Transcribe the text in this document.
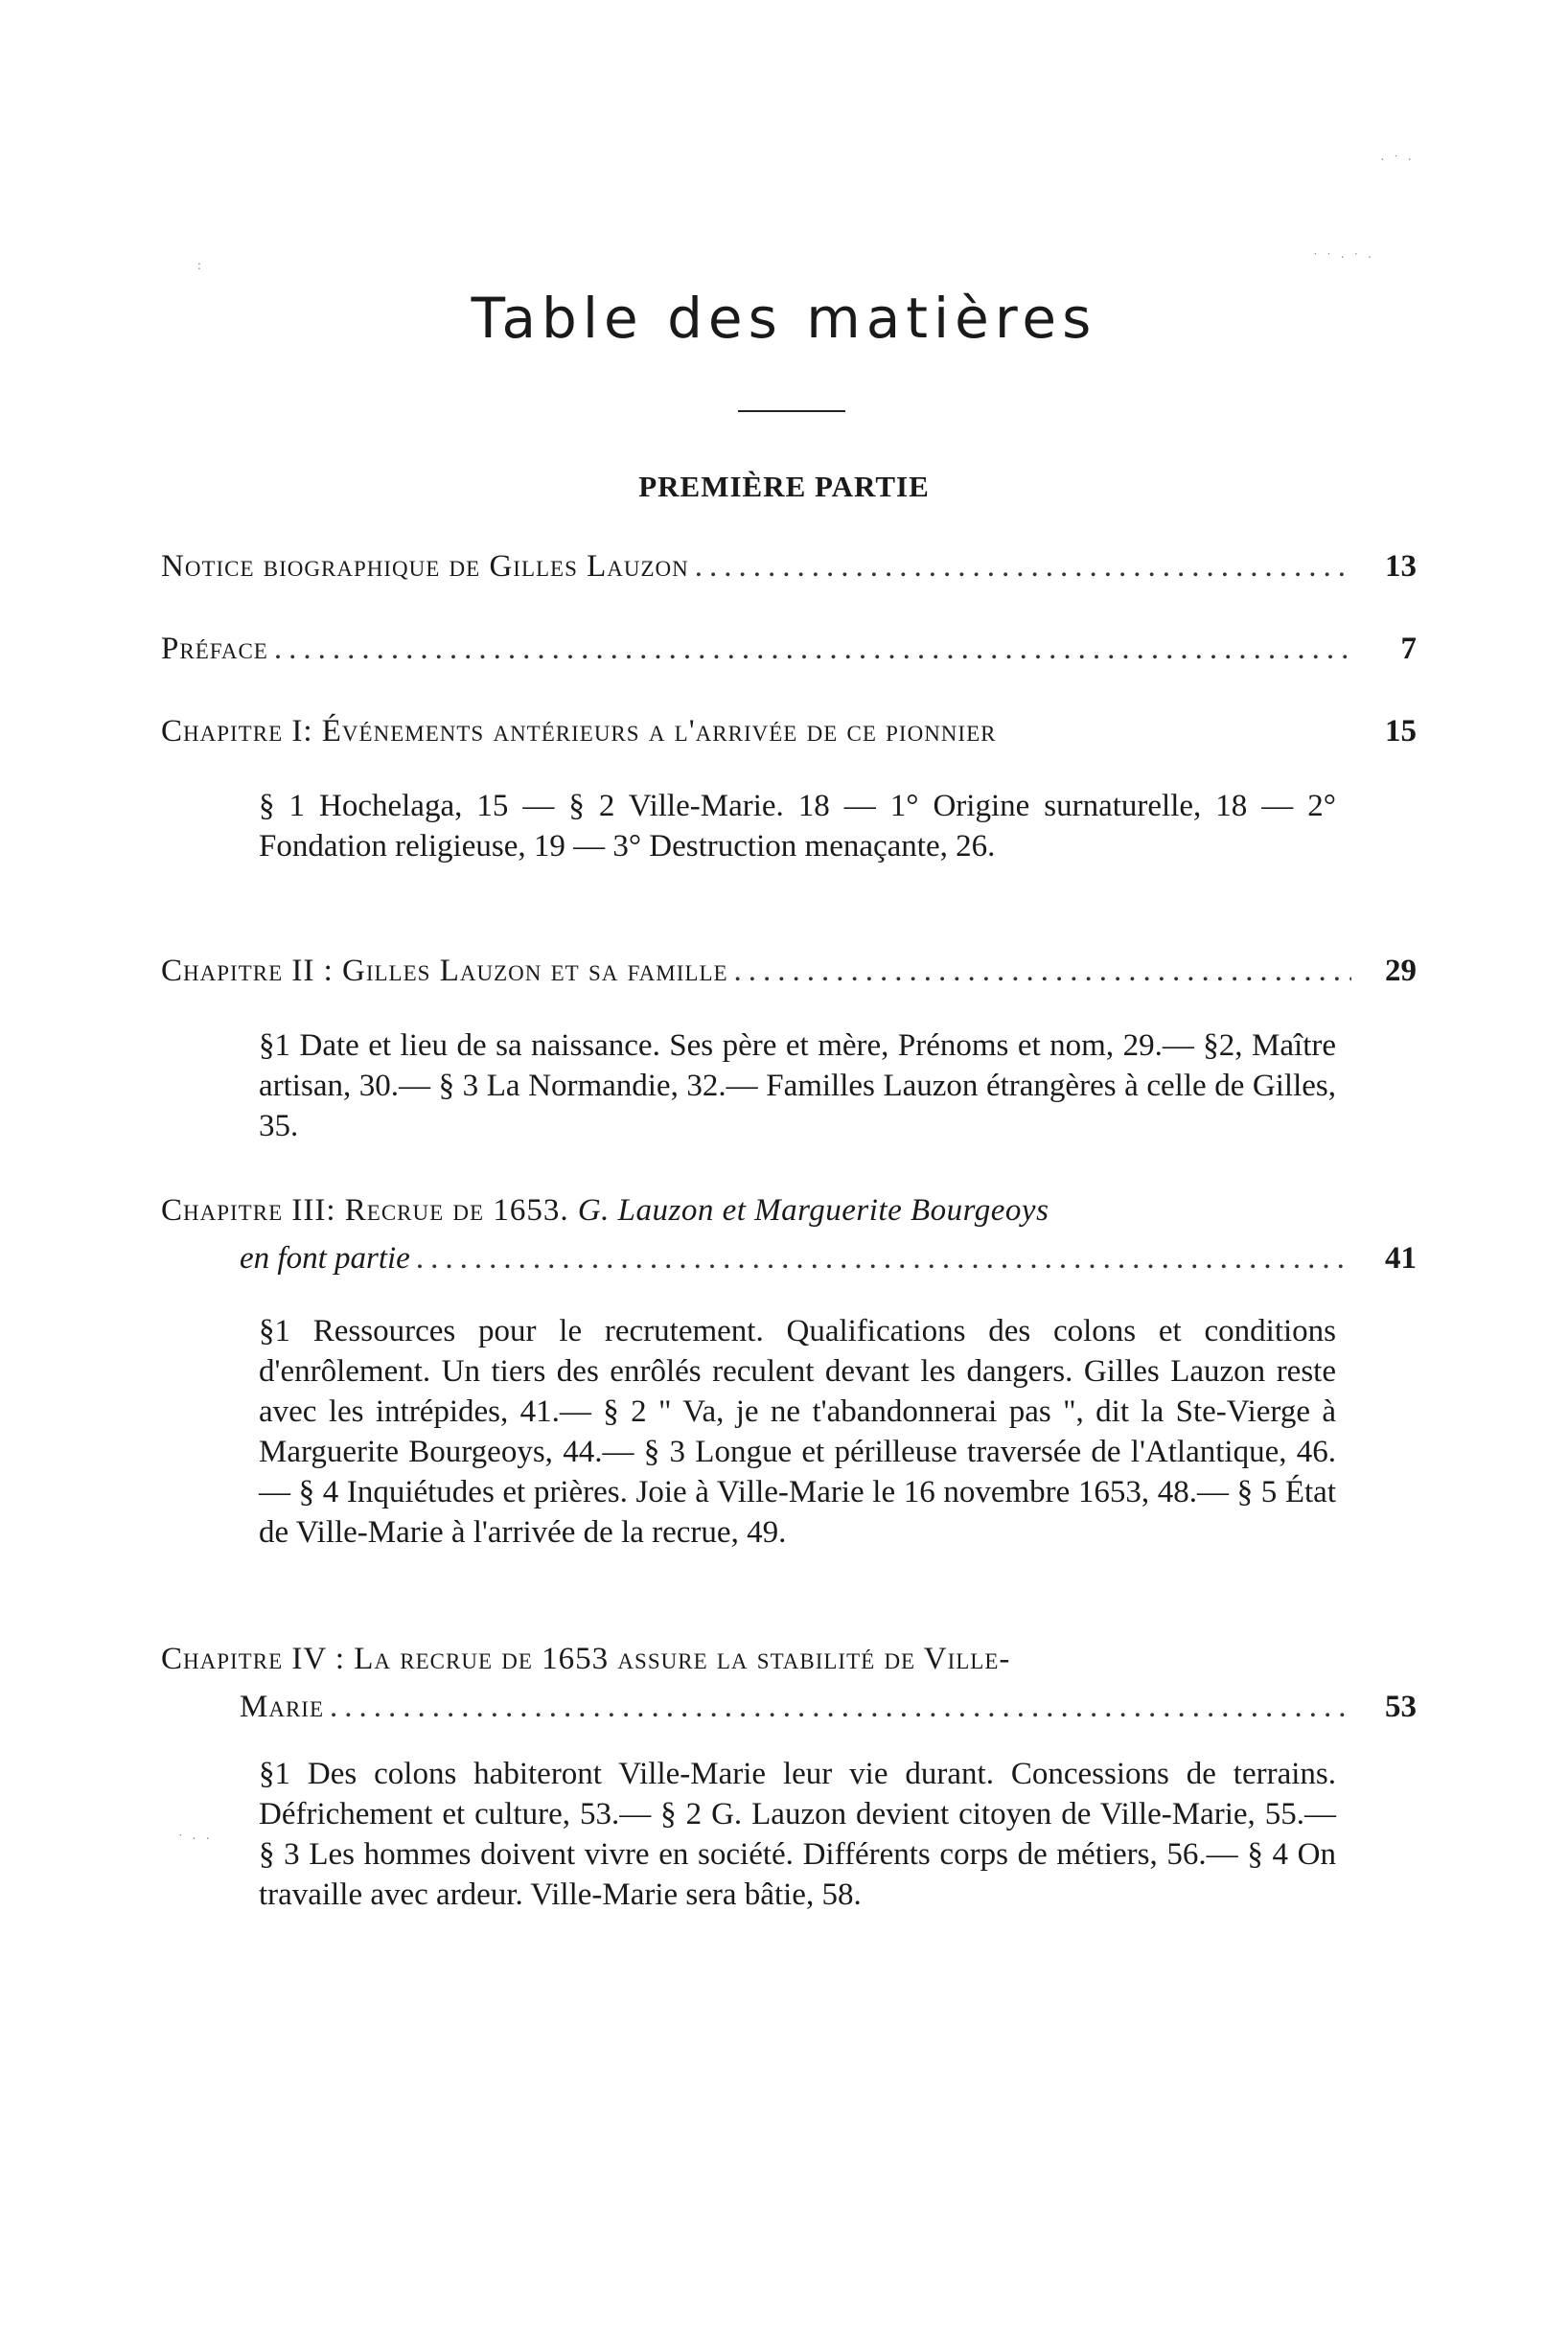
Table des matières
PREMIÈRE PARTIE
Notice biographique de Gilles Lauzon .....	13
Préface .....	7
Chapitre I: Événements antérieurs a l'arrivée de ce pionnier	15

§ 1 Hochelaga, 15 — § 2 Ville-Marie. 18 — 1° Origine surnaturelle, 18 — 2° Fondation religieuse, 19 — 3° Destruction menaçante, 26.

Chapitre II : Gilles Lauzon et sa famille .....	29

§1 Date et lieu de sa naissance. Ses père et mère, Prénoms et nom, 29.— §2, Maître artisan, 30.— § 3 La Normandie, 32.— Familles Lauzon étrangères à celle de Gilles, 35.

Chapitre III: Recrue de 1653. G. Lauzon et Marguerite Bourgeoys
en font partie .....	41

§1 Ressources pour le recrutement. Qualifications des colons et conditions d'enrôlement. Un tiers des enrôlés reculent devant les dangers. Gilles Lauzon reste avec les intrépides, 41.— § 2 " Va, je ne t'abandonnerai pas ", dit la Ste-Vierge à Marguerite Bourgeoys, 44.— § 3 Longue et périlleuse traversée de l'Atlantique, 46.— § 4 Inquiétudes et prières. Joie à Ville-Marie le 16 novembre 1653, 48.— § 5 État de Ville-Marie à l'arrivée de la recrue, 49.

Chapitre IV : La recrue de 1653 assure la stabilité de Ville-
Marie .....	53

§1 Des colons habiteront Ville-Marie leur vie durant. Concessions de terrains. Défrichement et culture, 53.— § 2 G. Lauzon devient citoyen de Ville-Marie, 55.— § 3 Les hommes doivent vivre en société. Différents corps de métiers, 56.— § 4 On travaille avec ardeur. Ville-Marie sera bâtie, 58.

· ˙ ·
˙ ˙ · ˙ ·
:
˙ · ·
